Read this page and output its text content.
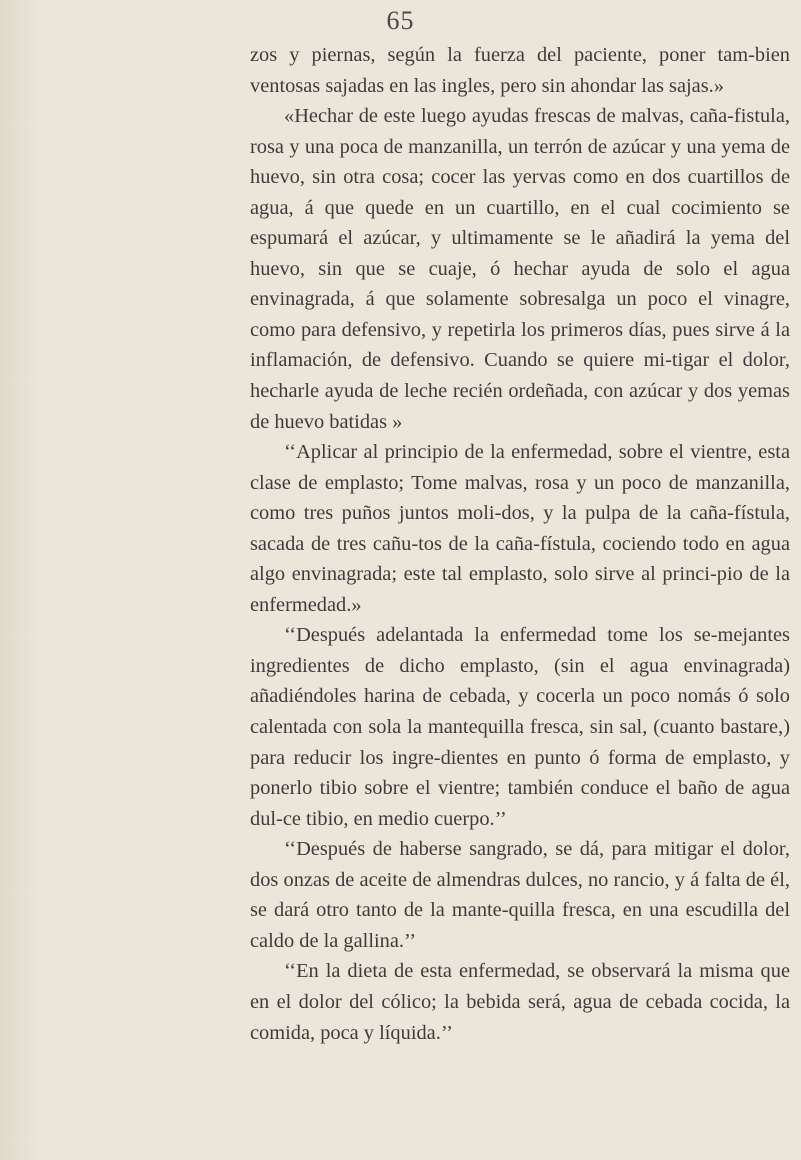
65

zos y piernas, según la fuerza del paciente, poner tam-bien ventosas sajadas en las ingles, pero sin ahondar las sajas.»

«Hechar de este luego ayudas frescas de malvas, caña-fistula, rosa y una poca de manzanilla, un terrón de azúcar y una yema de huevo, sin otra cosa; cocer las yervas como en dos cuartillos de agua, á que quede en un cuartillo, en el cual cocimiento se espumará el azúcar, y ultimamente se le añadirá la yema del huevo, sin que se cuaje, ó hechar ayuda de solo el agua envinagrada, á que solamente sobresalga un poco el vinagre, como para defensivo, y repetirla los primeros días, pues sirve á la inflamación, de defensivo. Cuando se quiere mi-tigar el dolor, hecharle ayuda de leche recién ordeñada, con azúcar y dos yemas de huevo batidas »

‘‘Aplicar al principio de la enfermedad, sobre el vientre, esta clase de emplasto; Tome malvas, rosa y un poco de manzanilla, como tres puños juntos moli-dos, y la pulpa de la caña-fístula, sacada de tres cañu-tos de la caña-fístula, cociendo todo en agua algo envinagrada; este tal emplasto, solo sirve al princi-pio de la enfermedad.»

‘‘Después adelantada la enfermedad tome los se-mejantes ingredientes de dicho emplasto, (sin el agua envinagrada) añadiéndoles harina de cebada, y cocerla un poco nomás ó solo calentada con sola la mantequilla fresca, sin sal, (cuanto bastare,) para reducir los ingre-dientes en punto ó forma de emplasto, y ponerlo tibio sobre el vientre; también conduce el baño de agua dul-ce tibio, en medio cuerpo.’’

‘‘Después de haberse sangrado, se dá, para mitigar el dolor, dos onzas de aceite de almendras dulces, no rancio, y á falta de él, se dará otro tanto de la mante-quilla fresca, en una escudilla del caldo de la gallina.’’

‘‘En la dieta de esta enfermedad, se observará la misma que en el dolor del cólico; la bebida será, agua de cebada cocida, la comida, poca y líquida.’’
